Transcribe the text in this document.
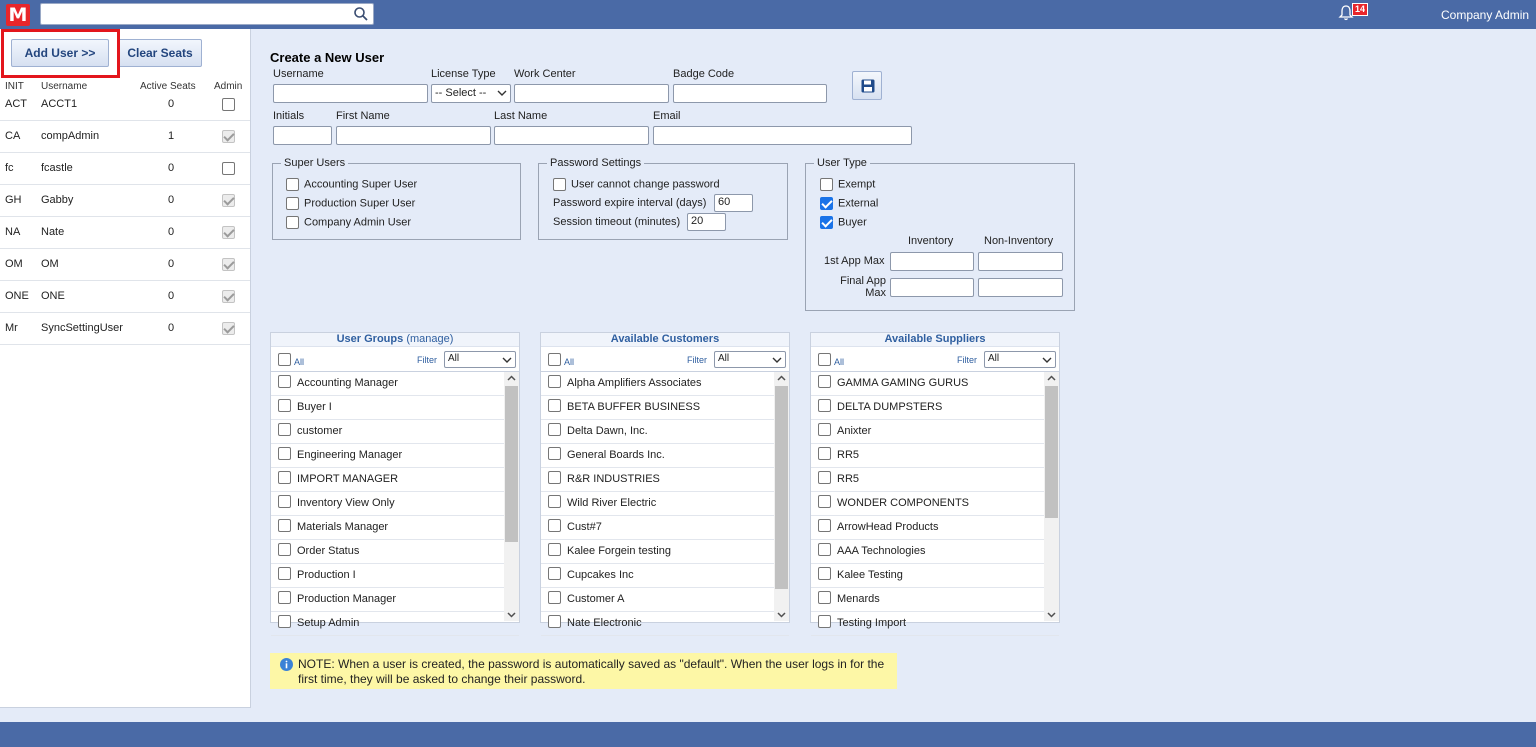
M	14	Company Admin
Add User >>	Clear Seats
INIT Username	Active Seats Admin
ACT ACCT1	0
CA compAdmin	1
fc fcastle	0
GH Gabby	0
NA Nate	0
OM OM	0
ONE ONE	0
Mr SyncSettingUser	0
Create a New User
Username	License Type Work Center	Badge Code
-- Select --
Initials	First Name	Last Name	Email
Super Users
Accounting Super User
Production Super User
Company Admin User
Password Settings
User cannot change password
Password expire interval (days)	60
Session timeout (minutes) 20
User Type
Exempt
External
Buyer
Inventory	Non-Inventory
1st App Max
Final App Max
User Groups (manage)
All	Filter	All
Accounting Manager
Buyer I
customer
Engineering Manager
IMPORT MANAGER
Inventory View Only
Materials Manager
Order Status
Production I
Production Manager
Setup Admin
Available Customers
All	Filter	All
Alpha Amplifiers Associates
BETA BUFFER BUSINESS
Delta Dawn, Inc.
General Boards Inc.
R&R INDUSTRIES
Wild River Electric
Cust#7
Kalee Forgein testing
Cupcakes Inc
Customer A
Nate Electronic
Available Suppliers
All	Filter	All
GAMMA GAMING GURUS
DELTA DUMPSTERS
Anixter
RR5
RR5
WONDER COMPONENTS
ArrowHead Products
AAA Technologies
Kalee Testing
Menards
Testing Import
NOTE: When a user is created, the password is automatically saved as "default". When the user logs in for the first time, they will be asked to change their password.
